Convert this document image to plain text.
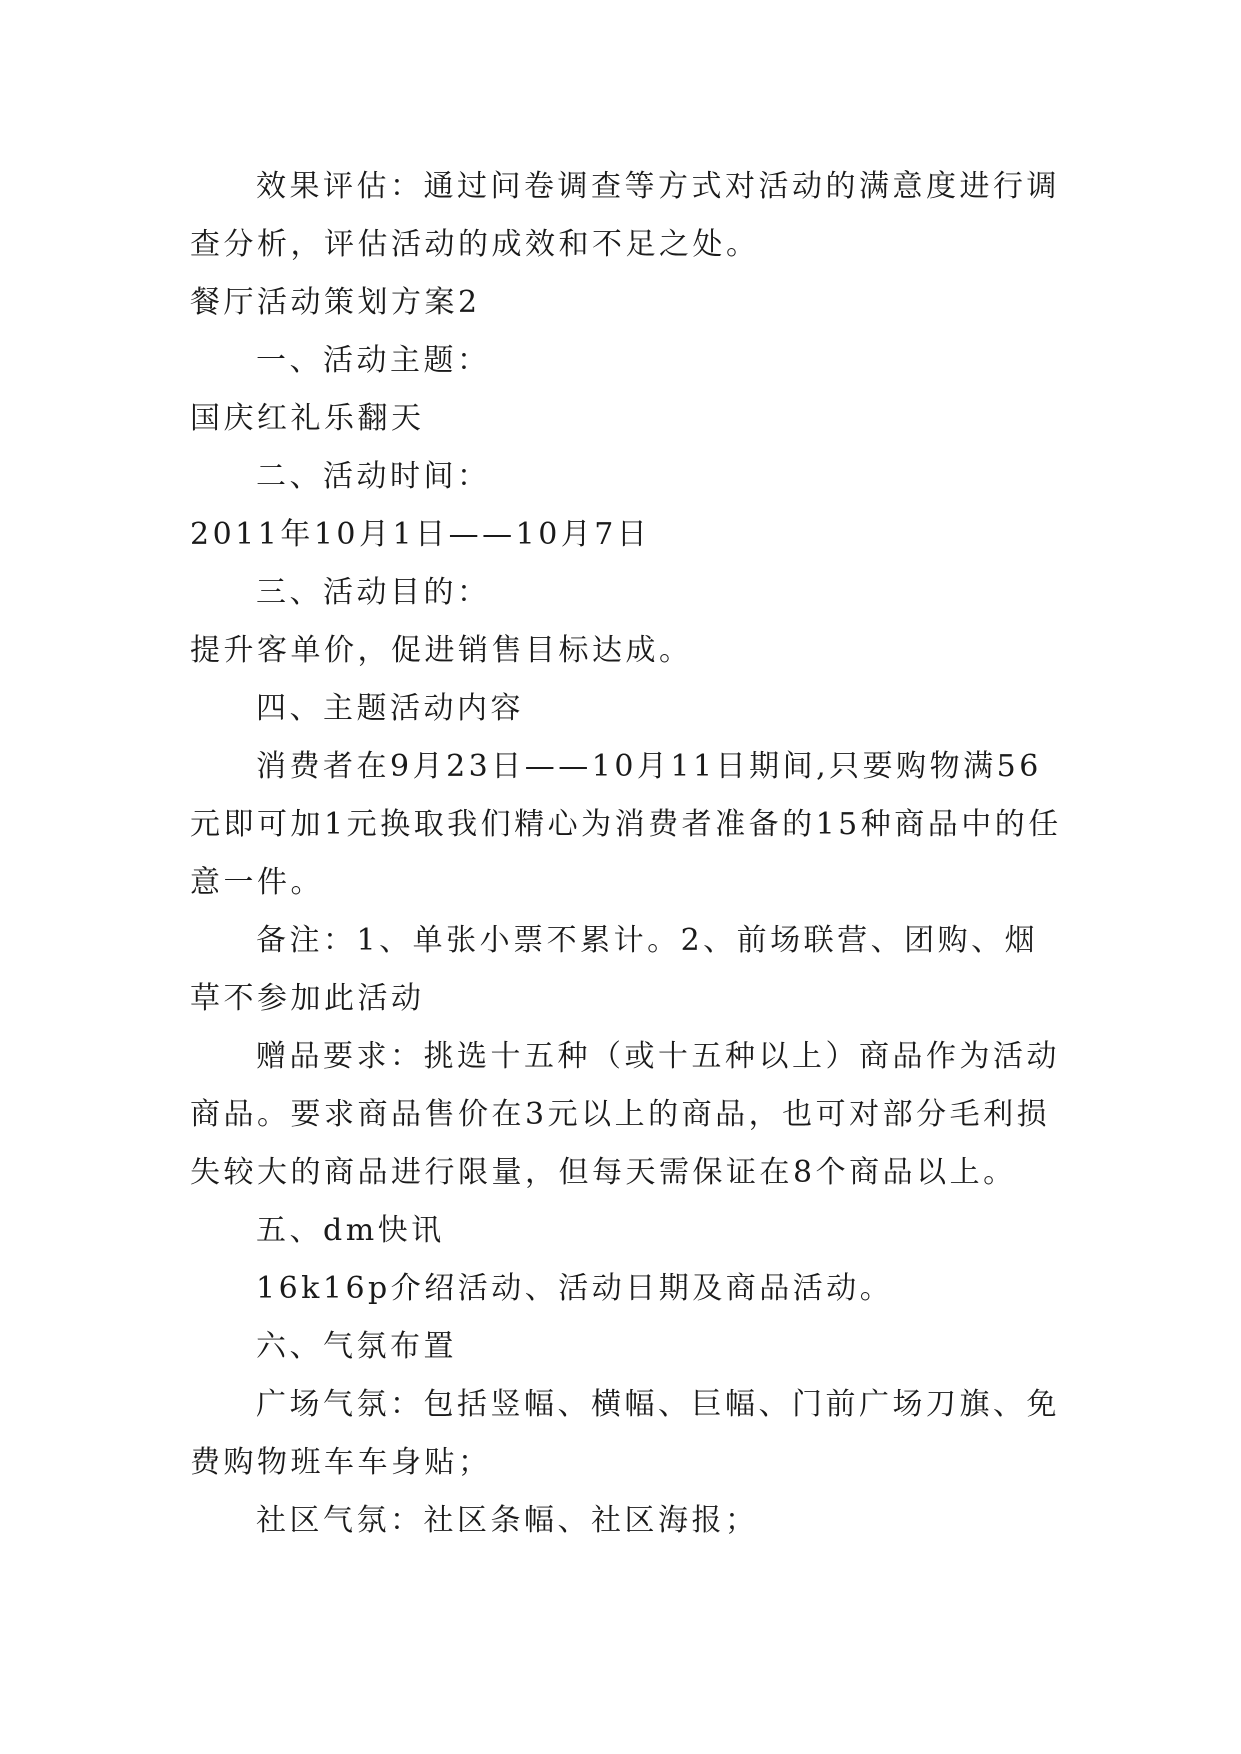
效果评估：通过问卷调查等方式对活动的满意度进行调查分析，评估活动的成效和不足之处。

餐厅活动策划方案2

一、活动主题：

国庆红礼乐翻天

二、活动时间：

2011年10月1日——10月7日

三、活动目的：

提升客单价，促进销售目标达成。

四、主题活动内容

消费者在9月23日——10月11日期间,只要购物满56元即可加1元换取我们精心为消费者准备的15种商品中的任意一件。

备注：1、单张小票不累计。2、前场联营、团购、烟草不参加此活动

赠品要求：挑选十五种（或十五种以上）商品作为活动商品。要求商品售价在3元以上的商品，也可对部分毛利损失较大的商品进行限量，但每天需保证在8个商品以上。

五、dm快讯

16k16p介绍活动、活动日期及商品活动。

六、气氛布置

广场气氛：包括竖幅、横幅、巨幅、门前广场刀旗、免费购物班车车身贴；

社区气氛：社区条幅、社区海报；
